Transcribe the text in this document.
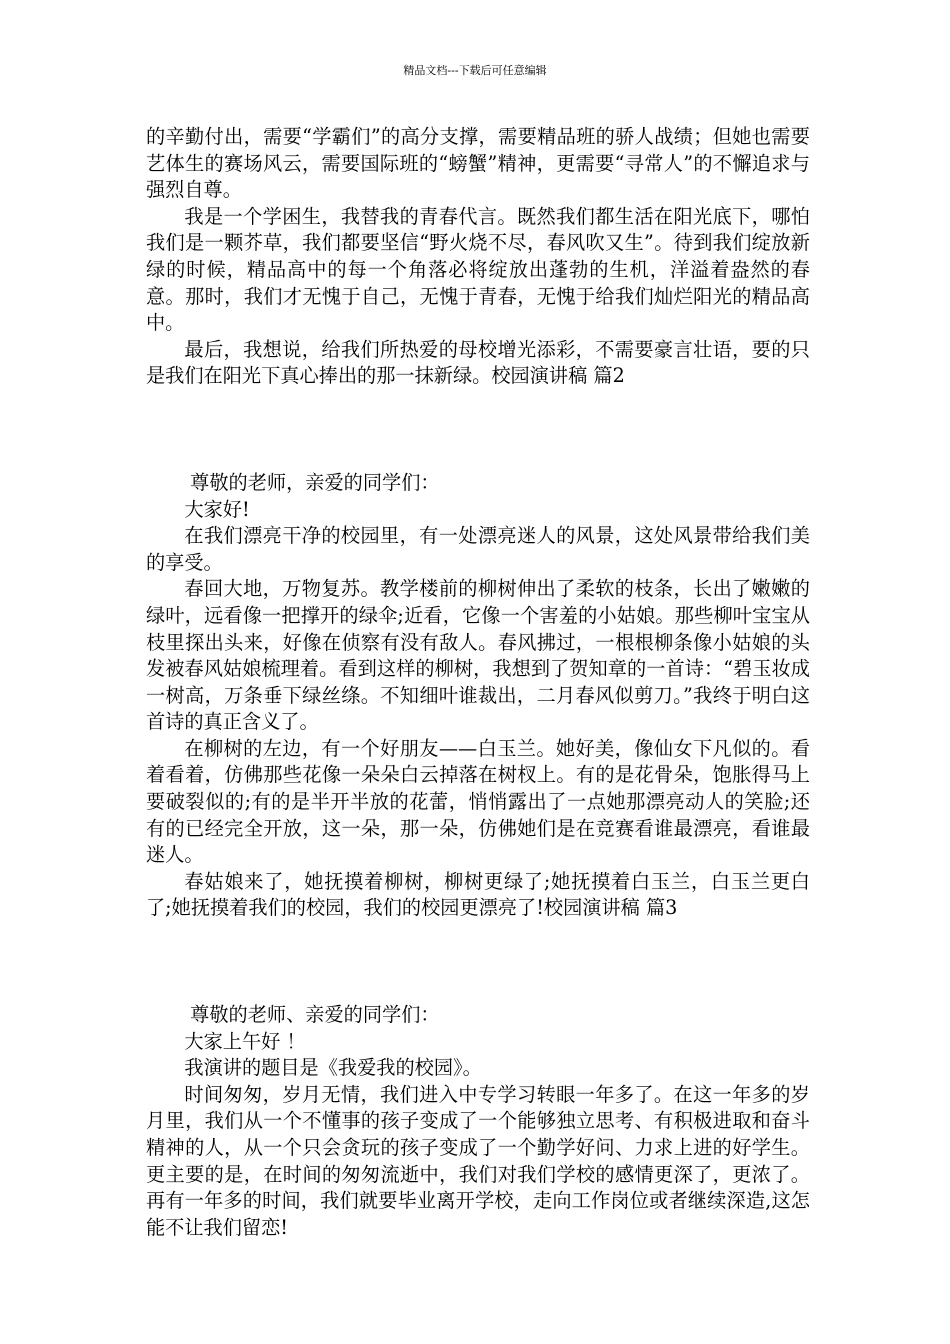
精品文档---下载后可任意编辑

的辛勤付出，需要“学霸们”的高分支撑，需要精品班的骄人战绩；但她也需要艺体生的赛场风云，需要国际班的“螃蟹”精神，更需要“寻常人”的不懈追求与强烈自尊。

我是一个学困生，我替我的青春代言。既然我们都生活在阳光底下，哪怕我们是一颗芥草，我们都要坚信“野火烧不尽，春风吹又生”。待到我们绽放新绿的时候，精品高中的每一个角落必将绽放出蓬勃的生机，洋溢着盎然的春意。那时，我们才无愧于自己，无愧于青春，无愧于给我们灿烂阳光的精品高中。

最后，我想说，给我们所热爱的母校增光添彩，不需要豪言壮语，要的只是我们在阳光下真心捧出的那一抹新绿。校园演讲稿 篇2

尊敬的老师，亲爱的同学们：

大家好!

在我们漂亮干净的校园里，有一处漂亮迷人的风景，这处风景带给我们美的享受。

春回大地，万物复苏。教学楼前的柳树伸出了柔软的枝条，长出了嫩嫩的绿叶，远看像一把撑开的绿伞;近看，它像一个害羞的小姑娘。那些柳叶宝宝从枝里探出头来，好像在侦察有没有敌人。春风拂过，一根根柳条像小姑娘的头发被春风姑娘梳理着。看到这样的柳树，我想到了贺知章的一首诗：“碧玉妆成一树高，万条垂下绿丝绦。不知细叶谁裁出，二月春风似剪刀。”我终于明白这首诗的真正含义了。

在柳树的左边，有一个好朋友——白玉兰。她好美，像仙女下凡似的。看着看着，仿佛那些花像一朵朵白云掉落在树杈上。有的是花骨朵，饱胀得马上要破裂似的;有的是半开半放的花蕾，悄悄露出了一点她那漂亮动人的笑脸;还有的已经完全开放，这一朵，那一朵，仿佛她们是在竞赛看谁最漂亮，看谁最迷人。

春姑娘来了，她抚摸着柳树，柳树更绿了;她抚摸着白玉兰，白玉兰更白了;她抚摸着我们的校园，我们的校园更漂亮了!校园演讲稿 篇3

尊敬的老师、亲爱的同学们：

大家上午好 ！

我演讲的题目是《我爱我的校园》。

时间匆匆，岁月无情，我们进入中专学习转眼一年多了。在这一年多的岁月里，我们从一个不懂事的孩子变成了一个能够独立思考、有积极进取和奋斗精神的人，从一个只会贪玩的孩子变成了一个勤学好问、力求上进的好学生。更主要的是，在时间的匆匆流逝中，我们对我们学校的感情更深了，更浓了。再有一年多的时间，我们就要毕业离开学校，走向工作岗位或者继续深造,这怎能不让我们留恋!
